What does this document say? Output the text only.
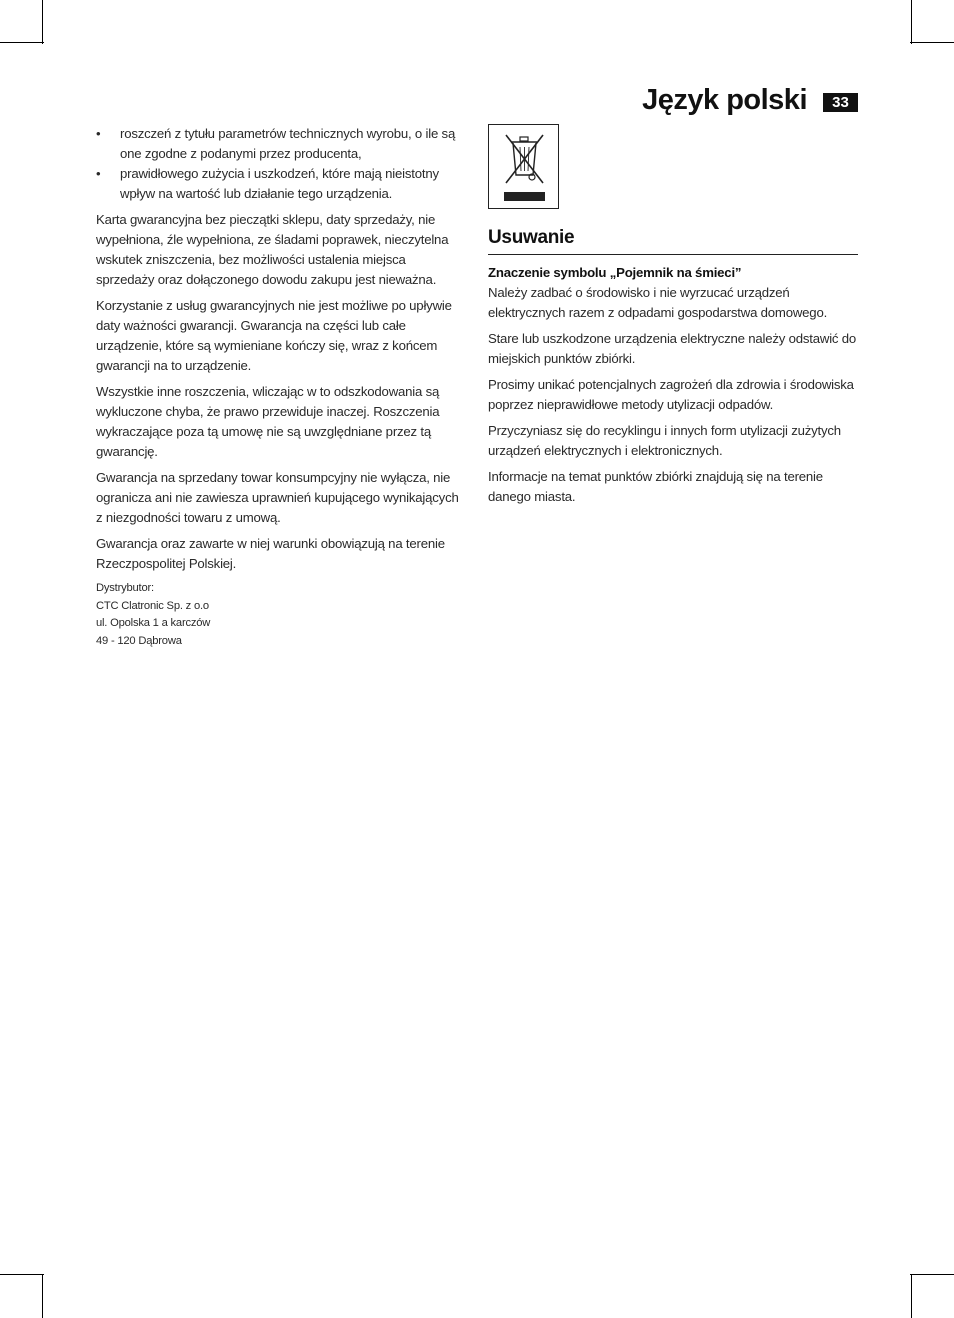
Język polski	33
• roszczeń z tytułu parametrów technicznych wyrobu, o ile są one zgodne z podanymi przez producenta,
• prawidłowego zużycia i uszkodzeń, które mają nieistotny wpływ na wartość lub działanie tego urządzenia.

Karta gwarancyjna bez pieczątki sklepu, daty sprzedaży, nie wypełniona, źle wypełniona, ze śladami poprawek, nieczytelna wskutek zniszczenia, bez możliwości ustalenia miejsca sprzedaży oraz dołączonego dowodu zakupu jest nieważna.

Korzystanie z usług gwarancyjnych nie jest możliwe po upływie daty ważności gwarancji. Gwarancja na części lub całe urządzenie, które są wymieniane kończy się, wraz z końcem gwarancji na to urządzenie.

Wszystkie inne roszczenia, wliczając w to odszkodowania są wykluczone chyba, że prawo przewiduje inaczej. Roszczenia wykraczające poza tą umowę nie są uwzględniane przez tą gwarancję.

Gwarancja na sprzedany towar konsumpcyjny nie wyłącza, nie ogranicza ani nie zawiesza uprawnień kupującego wynikających z niezgodności towaru z umową.

Gwarancja oraz zawarte w niej warunki obowiązują na terenie Rzeczpospolitej Polskiej.

Dystrybutor:
CTC Clatronic Sp. z o.o
ul. Opolska 1 a karczów
49 - 120 Dąbrowa
Usuwanie
Znaczenie symbolu „Pojemnik na śmieci”

Należy zadbać o środowisko i nie wyrzucać urządzeń elektrycznych razem z odpadami gospodarstwa domowego.

Stare lub uszkodzone urządzenia elektryczne należy odstawić do miejskich punktów zbiórki.

Prosimy unikać potencjalnych zagrożeń dla zdrowia i środowiska poprzez nieprawidłowe metody utylizacji odpadów.

Przyczyniasz się do recyklingu i innych form utylizacji zużytych urządzeń elektrycznych i elektronicznych.

Informacje na temat punktów zbiórki znajdują się na terenie danego miasta.
